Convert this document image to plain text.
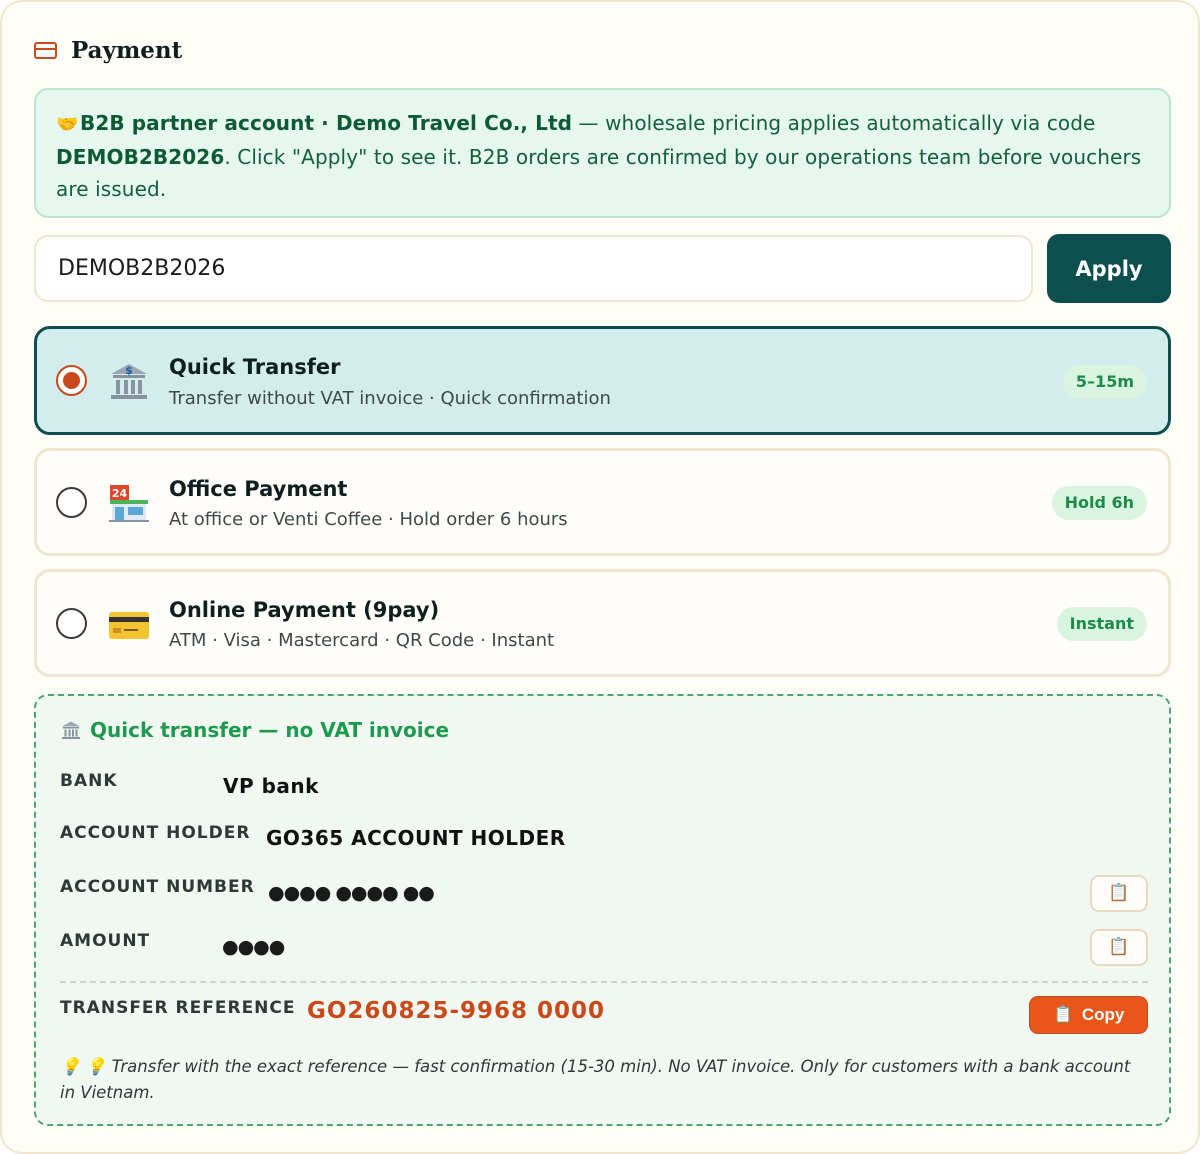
Payment
🤝B2B partner account · Demo Travel Co., Ltd — wholesale pricing applies automatically via code DEMOB2B2026. Click "Apply" to see it. B2B orders are confirmed by our operations team before vouchers are issued.
DEMOB2B2026
Apply
$ Quick Transfer
Transfer without VAT invoice · Quick confirmation
5–15m
24 Office Payment
At office or Venti Coffee · Hold order 6 hours
Hold 6h
Online Payment (9pay)
ATM · Visa · Mastercard · QR Code · Instant
Instant
Quick transfer — no VAT invoice
BANK	VP bank
ACCOUNT HOLDER GO365 ACCOUNT HOLDER
ACCOUNT NUMBER ●●●● ●●●● ●●	📋
AMOUNT	●●●●	📋
TRANSFER REFERENCE GO260825-9968 0000	📋 Copy
💡 💡 Transfer with the exact reference — fast confirmation (15-30 min). No VAT invoice. Only for customers with a bank account in Vietnam.
